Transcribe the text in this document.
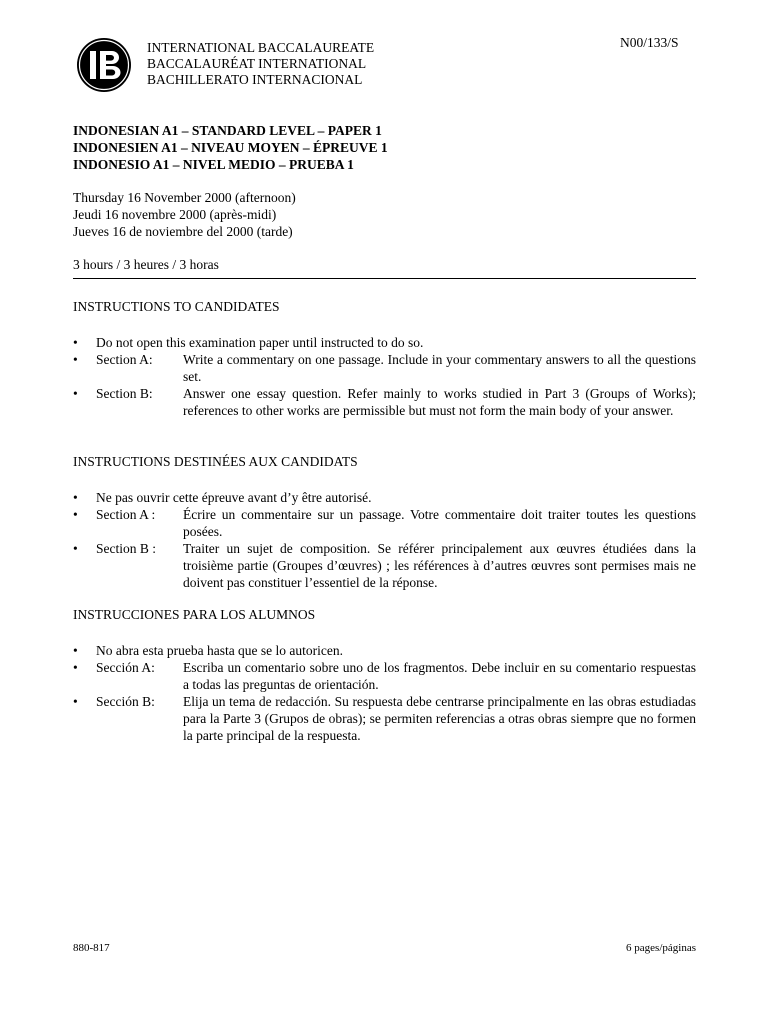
INTERNATIONAL BACCALAUREATE
BACCALAURÉAT INTERNATIONAL
BACHILLERATO INTERNACIONAL
N00/133/S
INDONESIAN A1 – STANDARD LEVEL – PAPER 1
INDONESIEN A1 – NIVEAU MOYEN – ÉPREUVE 1
INDONESIO A1 – NIVEL MEDIO – PRUEBA 1
Thursday 16 November 2000 (afternoon)
Jeudi 16 novembre 2000 (après-midi)
Jueves 16 de noviembre del 2000 (tarde)
3 hours / 3 heures / 3 horas
INSTRUCTIONS TO CANDIDATES
•	Do not open this examination paper until instructed to do so.
•	Section A:	Write a commentary on one passage. Include in your commentary answers to all the questions set.
•	Section B:	Answer one essay question. Refer mainly to works studied in Part 3 (Groups of Works); references to other works are permissible but must not form the main body of your answer.
INSTRUCTIONS DESTINÉES AUX CANDIDATS
•	Ne pas ouvrir cette épreuve avant d’y être autorisé.
•	Section A :	Écrire un commentaire sur un passage. Votre commentaire doit traiter toutes les questions posées.
•	Section B :	Traiter un sujet de composition. Se référer principalement aux œuvres étudiées dans la troisième partie (Groupes d’œuvres) ; les références à d’autres œuvres sont permises mais ne doivent pas constituer l’essentiel de la réponse.
INSTRUCCIONES PARA LOS ALUMNOS
•	No abra esta prueba hasta que se lo autoricen.
•	Sección A:	Escriba un comentario sobre uno de los fragmentos. Debe incluir en su comentario respuestas a todas las preguntas de orientación.
•	Sección B:	Elija un tema de redacción. Su respuesta debe centrarse principalmente en las obras estudiadas para la Parte 3 (Grupos de obras); se permiten referencias a otras obras siempre que no formen la parte principal de la respuesta.
880-817	6 pages/páginas
